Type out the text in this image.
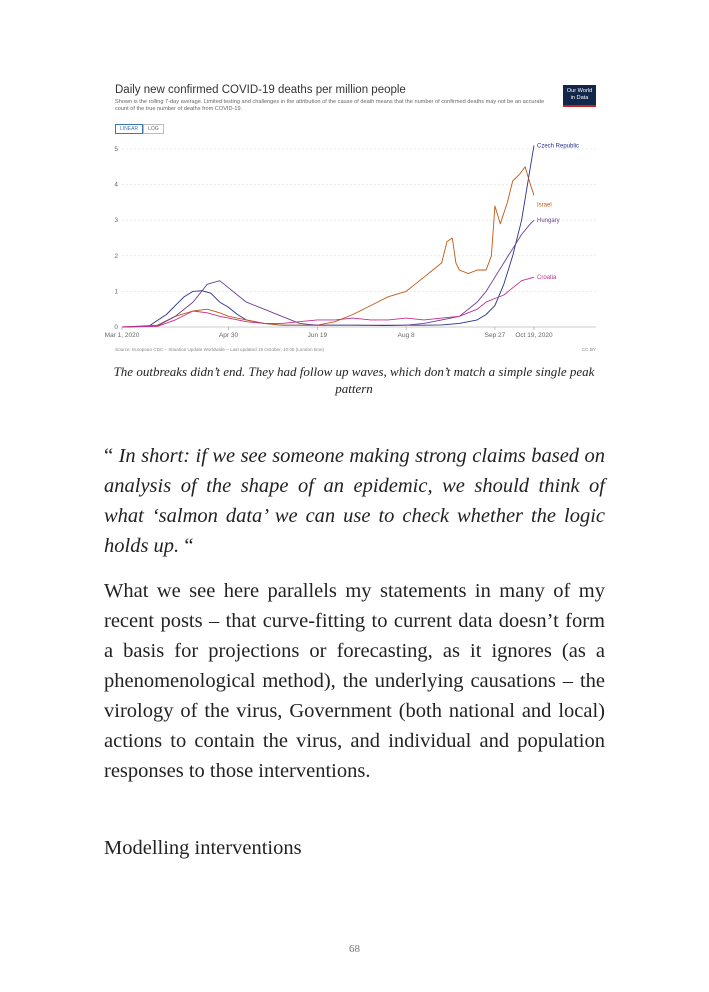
Daily new confirmed COVID-19 deaths per million people
Shown is the rolling 7-day average. Limited testing and challenges in the attribution of the cause of death means that the number of confirmed deaths may not be an accurate count of the true number of deaths from COVID-19.
Our World
in Data
LINEAR	LOG
0
1
2
3
4
5
Mar 1, 2020	Apr 30	Jun 19	Aug 8	Sep 27 Oct 19, 2020
Czech Republic
Israel
Hungary
Croatia
Source: European CDC – Situation Update Worldwide – Last updated 19 October, 10:05 (London time)	CC BY
The outbreaks didn’t end. They had follow up waves, which don’t match a simple single peak pattern
“ In short: if we see someone making strong claims based on analysis of the shape of an epidemic, we should think of what ‘salmon data’ we can use to check whether the logic holds up. “

What we see here parallels my statements in many of my recent posts – that curve-fitting to current data doesn’t form a basis for projections or forecasting, as it ignores (as a phenomenological method), the underlying causations – the virology of the virus, Government (both national and local) actions to contain the virus, and individual and population responses to those interventions.

Modelling interventions
68
